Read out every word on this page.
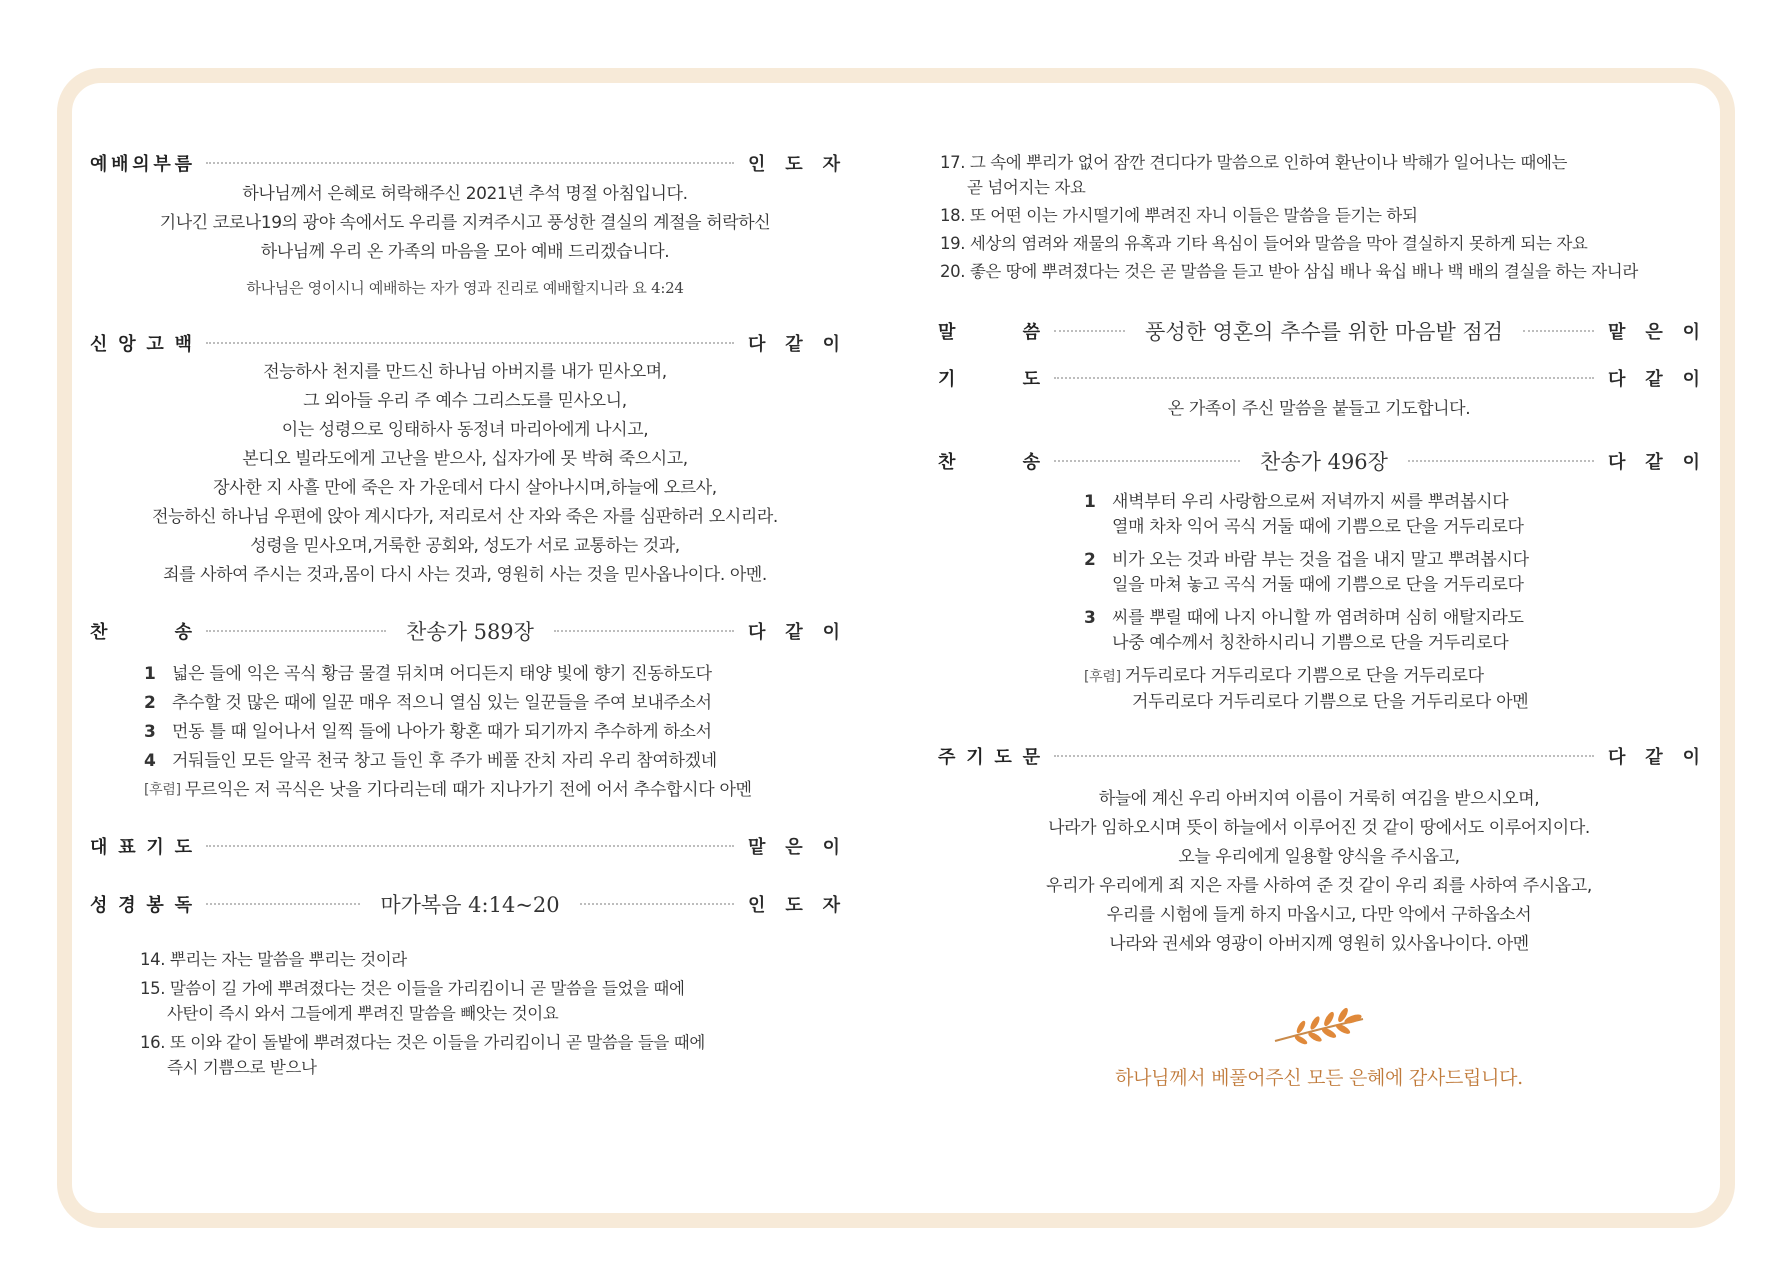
예 배 의 부 름	인 도 자
하나님께서 은혜로 허락해주신 2021년 추석 명절 아침입니다.
기나긴 코로나19의 광야 속에서도 우리를 지켜주시고 풍성한 결실의 계절을 허락하신
하나님께 우리 온 가족의 마음을 모아 예배 드리겠습니다.
하나님은 영이시니 예배하는 자가 영과 진리로 예배할지니라 요 4:24
신 앙 고 백	다 같 이
전능하사 천지를 만드신 하나님 아버지를 내가 믿사오며,
그 외아들 우리 주 예수 그리스도를 믿사오니,
이는 성령으로 잉태하사 동정녀 마리아에게 나시고,
본디오 빌라도에게 고난을 받으사, 십자가에 못 박혀 죽으시고,
장사한 지 사흘 만에 죽은 자 가운데서 다시 살아나시며,하늘에 오르사,
전능하신 하나님 우편에 앉아 계시다가, 저리로서 산 자와 죽은 자를 심판하러 오시리라.
성령을 믿사오며,거룩한 공회와, 성도가 서로 교통하는 것과,
죄를 사하여 주시는 것과,몸이 다시 사는 것과, 영원히 사는 것을 믿사옵나이다. 아멘.
찬	송	찬송가 589장	다 같 이
1 넓은 들에 익은 곡식 황금 물결 뒤치며 어디든지 태양 빛에 향기 진동하도다
2 추수할 것 많은 때에 일꾼 매우 적으니 열심 있는 일꾼들을 주여 보내주소서
3 먼동 틀 때 일어나서 일찍 들에 나아가 황혼 때가 되기까지 추수하게 하소서
4 거둬들인 모든 알곡 천국 창고 들인 후 주가 베풀 잔치 자리 우리 참여하겠네
[후렴] 무르익은 저 곡식은 낫을 기다리는데 때가 지나가기 전에 어서 추수합시다 아멘
대 표 기 도	맡 은 이
성 경 봉 독	마가복음 4:14~20	인 도 자
14. 뿌리는 자는 말씀을 뿌리는 것이라
15. 말씀이 길 가에 뿌려졌다는 것은 이들을 가리킴이니 곧 말씀을 들었을 때에
사탄이 즉시 와서 그들에게 뿌려진 말씀을 빼앗는 것이요
16. 또 이와 같이 돌밭에 뿌려졌다는 것은 이들을 가리킴이니 곧 말씀을 들을 때에
즉시 기쁨으로 받으나
17. 그 속에 뿌리가 없어 잠깐 견디다가 말씀으로 인하여 환난이나 박해가 일어나는 때에는
곧 넘어지는 자요
18. 또 어떤 이는 가시떨기에 뿌려진 자니 이들은 말씀을 듣기는 하되
19. 세상의 염려와 재물의 유혹과 기타 욕심이 들어와 말씀을 막아 결실하지 못하게 되는 자요
20. 좋은 땅에 뿌려졌다는 것은 곧 말씀을 듣고 받아 삼십 배나 육십 배나 백 배의 결실을 하는 자니라
말	씀	풍성한 영혼의 추수를 위한 마음밭 점검	맡 은 이
기	도	다 같 이
온 가족이 주신 말씀을 붙들고 기도합니다.
찬	송	찬송가 496장	다 같 이
1 새벽부터 우리 사랑함으로써 저녁까지 씨를 뿌려봅시다
열매 차차 익어 곡식 거둘 때에 기쁨으로 단을 거두리로다
2 비가 오는 것과 바람 부는 것을 겁을 내지 말고 뿌려봅시다
일을 마쳐 놓고 곡식 거둘 때에 기쁨으로 단을 거두리로다
3 씨를 뿌릴 때에 나지 아니할 까 염려하며 심히 애탈지라도
나중 예수께서 칭찬하시리니 기쁨으로 단을 거두리로다
[후렴] 거두리로다 거두리로다 기쁨으로 단을 거두리로다
거두리로다 거두리로다 기쁨으로 단을 거두리로다 아멘
주 기 도 문	다 같 이
하늘에 계신 우리 아버지여 이름이 거룩히 여김을 받으시오며,
나라가 임하오시며 뜻이 하늘에서 이루어진 것 같이 땅에서도 이루어지이다.
오늘 우리에게 일용할 양식을 주시옵고,
우리가 우리에게 죄 지은 자를 사하여 준 것 같이 우리 죄를 사하여 주시옵고,
우리를 시험에 들게 하지 마옵시고, 다만 악에서 구하옵소서
나라와 권세와 영광이 아버지께 영원히 있사옵나이다. 아멘
하나님께서 베풀어주신 모든 은혜에 감사드립니다.
